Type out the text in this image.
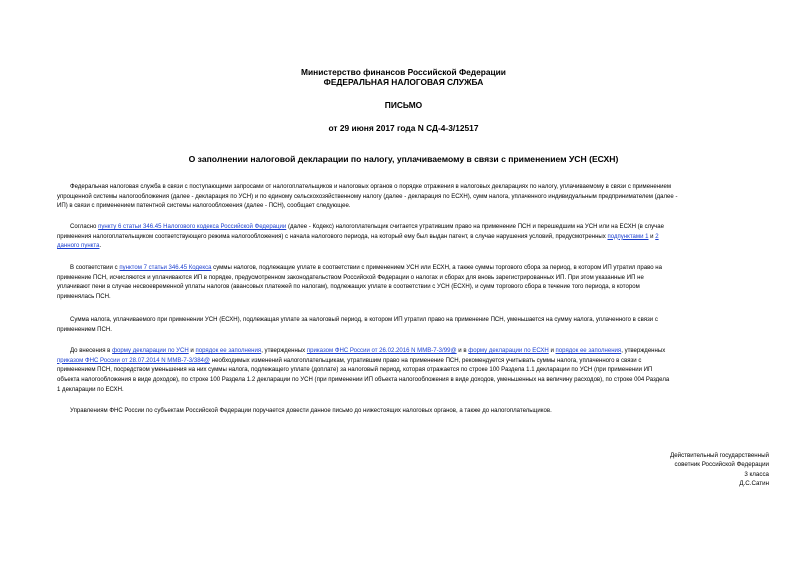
Министерство финансов Российской Федерации
ФЕДЕРАЛЬНАЯ НАЛОГОВАЯ СЛУЖБА
ПИСЬМО
от 29 июня 2017 года N СД-4-3/12517
О заполнении налоговой декларации по налогу, уплачиваемому в связи с применением УСН (ЕСХН)
Федеральная налоговая служба в связи с поступающими запросами от налогоплательщиков и налоговых органов о порядке отражения в налоговых декларациях по налогу, уплачиваемому в связи с применением
упрощенной системы налогообложения (далее - декларация по УСН) и по единому сельскохозяйственному налогу (далее - декларация по ЕСХН), сумм налога, уплаченного индивидуальным предпринимателем (далее -
ИП) в связи с применением патентной системы налогообложения (далее - ПСН), сообщает следующее.
Согласно пункту 6 статьи 346.45 Налогового кодекса Российской Федерации (далее - Кодекс) налогоплательщик считается утратившим право на применение ПСН и перешедшим на УСН или на ЕСХН (в случае
применения налогоплательщиком соответствующего режима налогообложения) с начала налогового периода, на который ему был выдан патент, в случае нарушения условий, предусмотренных подпунктами 1 и 2
данного пункта.
В соответствии с пунктом 7 статьи 346.45 Кодекса суммы налогов, подлежащие уплате в соответствии с применением УСН или ЕСХН, а также суммы торгового сбора за период, в котором ИП утратил право на
применение ПСН, исчисляются и уплачиваются ИП в порядке, предусмотренном законодательством Российской Федерации о налогах и сборах для вновь зарегистрированных ИП. При этом указанные ИП не
уплачивают пени в случае несвоевременной уплаты налогов (авансовых платежей по налогам), подлежащих уплате в соответствии с УСН (ЕСХН), и сумм торгового сбора в течение того периода, в котором
применялась ПСН.
Сумма налога, уплачиваемого при применении УСН (ЕСХН), подлежащая уплате за налоговый период, в котором ИП утратил право на применение ПСН, уменьшается на сумму налога, уплаченного в связи с
применением ПСН.
До внесения в форму декларации по УСН и порядок ее заполнения, утвержденных приказом ФНС России от 26.02.2016 N ММВ-7-3/99@ и в форму декларации по ЕСХН и порядок ее заполнения, утвержденных
приказом ФНС России от 28.07.2014 N ММВ-7-3/384@ необходимых изменений налогоплательщикам, утратившим право на применение ПСН, рекомендуется учитывать суммы налога, уплаченного в связи с
применением ПСН, посредством уменьшения на них суммы налога, подлежащего уплате (доплате) за налоговый период, которая отражается по строке 100 Раздела 1.1 декларации по УСН (при применении ИП
объекта налогообложения в виде доходов), по строке 100 Раздела 1.2 декларации по УСН (при применении ИП объекта налогообложения в виде доходов, уменьшенных на величину расходов), по строке 004 Раздела
1 декларации по ЕСХН.
Управлениям ФНС России по субъектам Российской Федерации поручается довести данное письмо до нижестоящих налоговых органов, а также до налогоплательщиков.
Действительный государственный
советник Российской Федерации
3 класса
Д.С.Сатин
